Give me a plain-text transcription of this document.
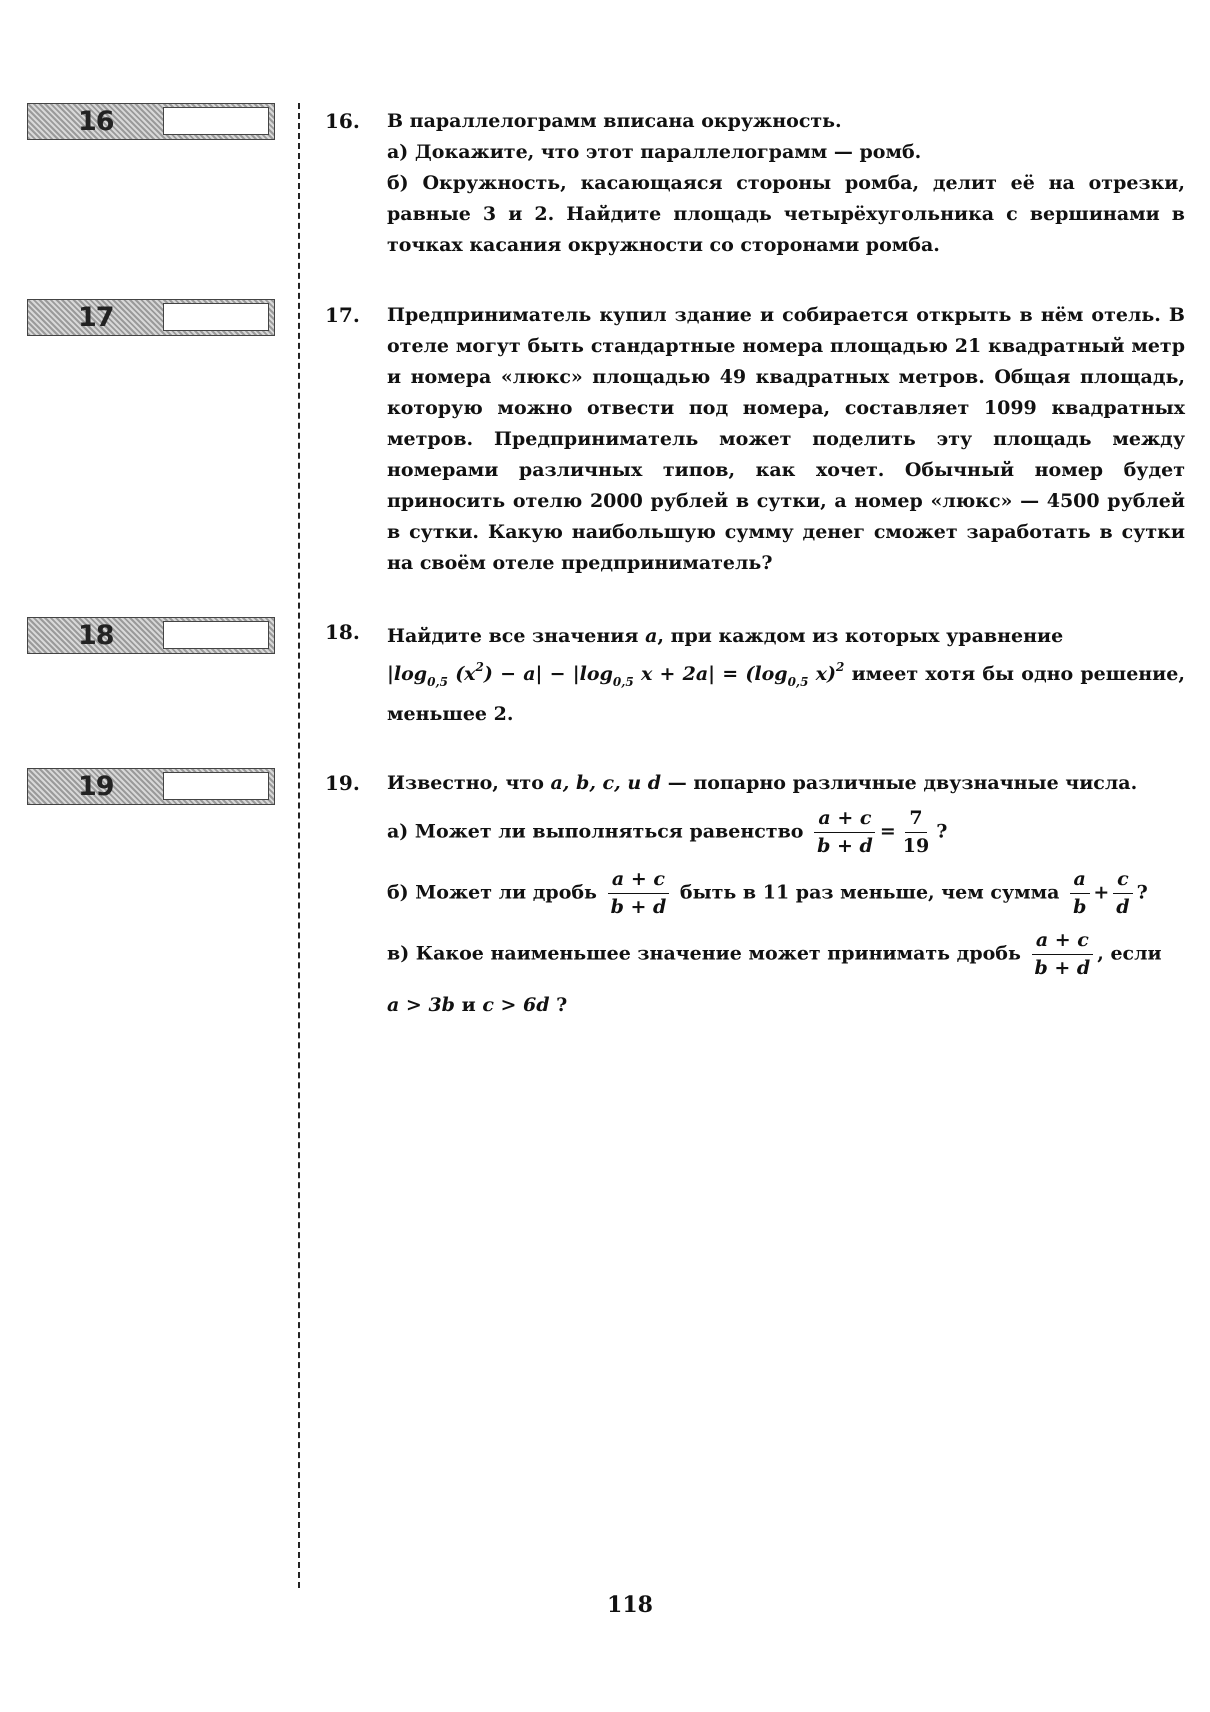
16
17
18
19
16. В параллелограмм вписана окружность.

а) Докажите, что этот параллелограмм — ромб.

б) Окружность, касающаяся стороны ромба, делит её на отрезки, равные 3 и 2. Найдите площадь четырёхугольника с вершинами в точках касания окружности со сторонами ромба.

17. Предприниматель купил здание и собирается открыть в нём отель. В отеле могут быть стандартные номера площадью 21 квадратный метр и номера «люкс» площадью 49 квадратных метров. Общая площадь, которую можно отвести под номера, составляет 1099 квадратных метров. Предприниматель может поделить эту площадь между номерами различных типов, как хочет. Обычный номер будет приносить отелю 2000 рублей в сутки, а номер «люкс» — 4500 рублей в сутки. Какую наибольшую сумму денег сможет заработать в сутки на своём отеле предприниматель?

18. Найдите все значения a, при каждом из которых уравнение
$|\log_{0,5}$ $(x^2) - a| - |\log_{0,5}$ $x + 2a| = (\log_{0,5}$ x)$^2$ имеет хотя бы одно решение, меньшее 2.

19. Известно, что a, b, c, и d — попарно различные двузначные числа.

а) Может ли выполняться равенство $\frac{a + c}{b + d} = \frac{7}{19}$ ?

б) Может ли дробь $\frac{a + c}{b + d}$ быть в 11 раз меньше, чем сумма $\frac{a}{b} + \frac{c}{d}$ ?

в) Какое наименьшее значение может принимать дробь $\frac{a + c}{b + d}$ , если

a > 3b и c > 6d ?

118
